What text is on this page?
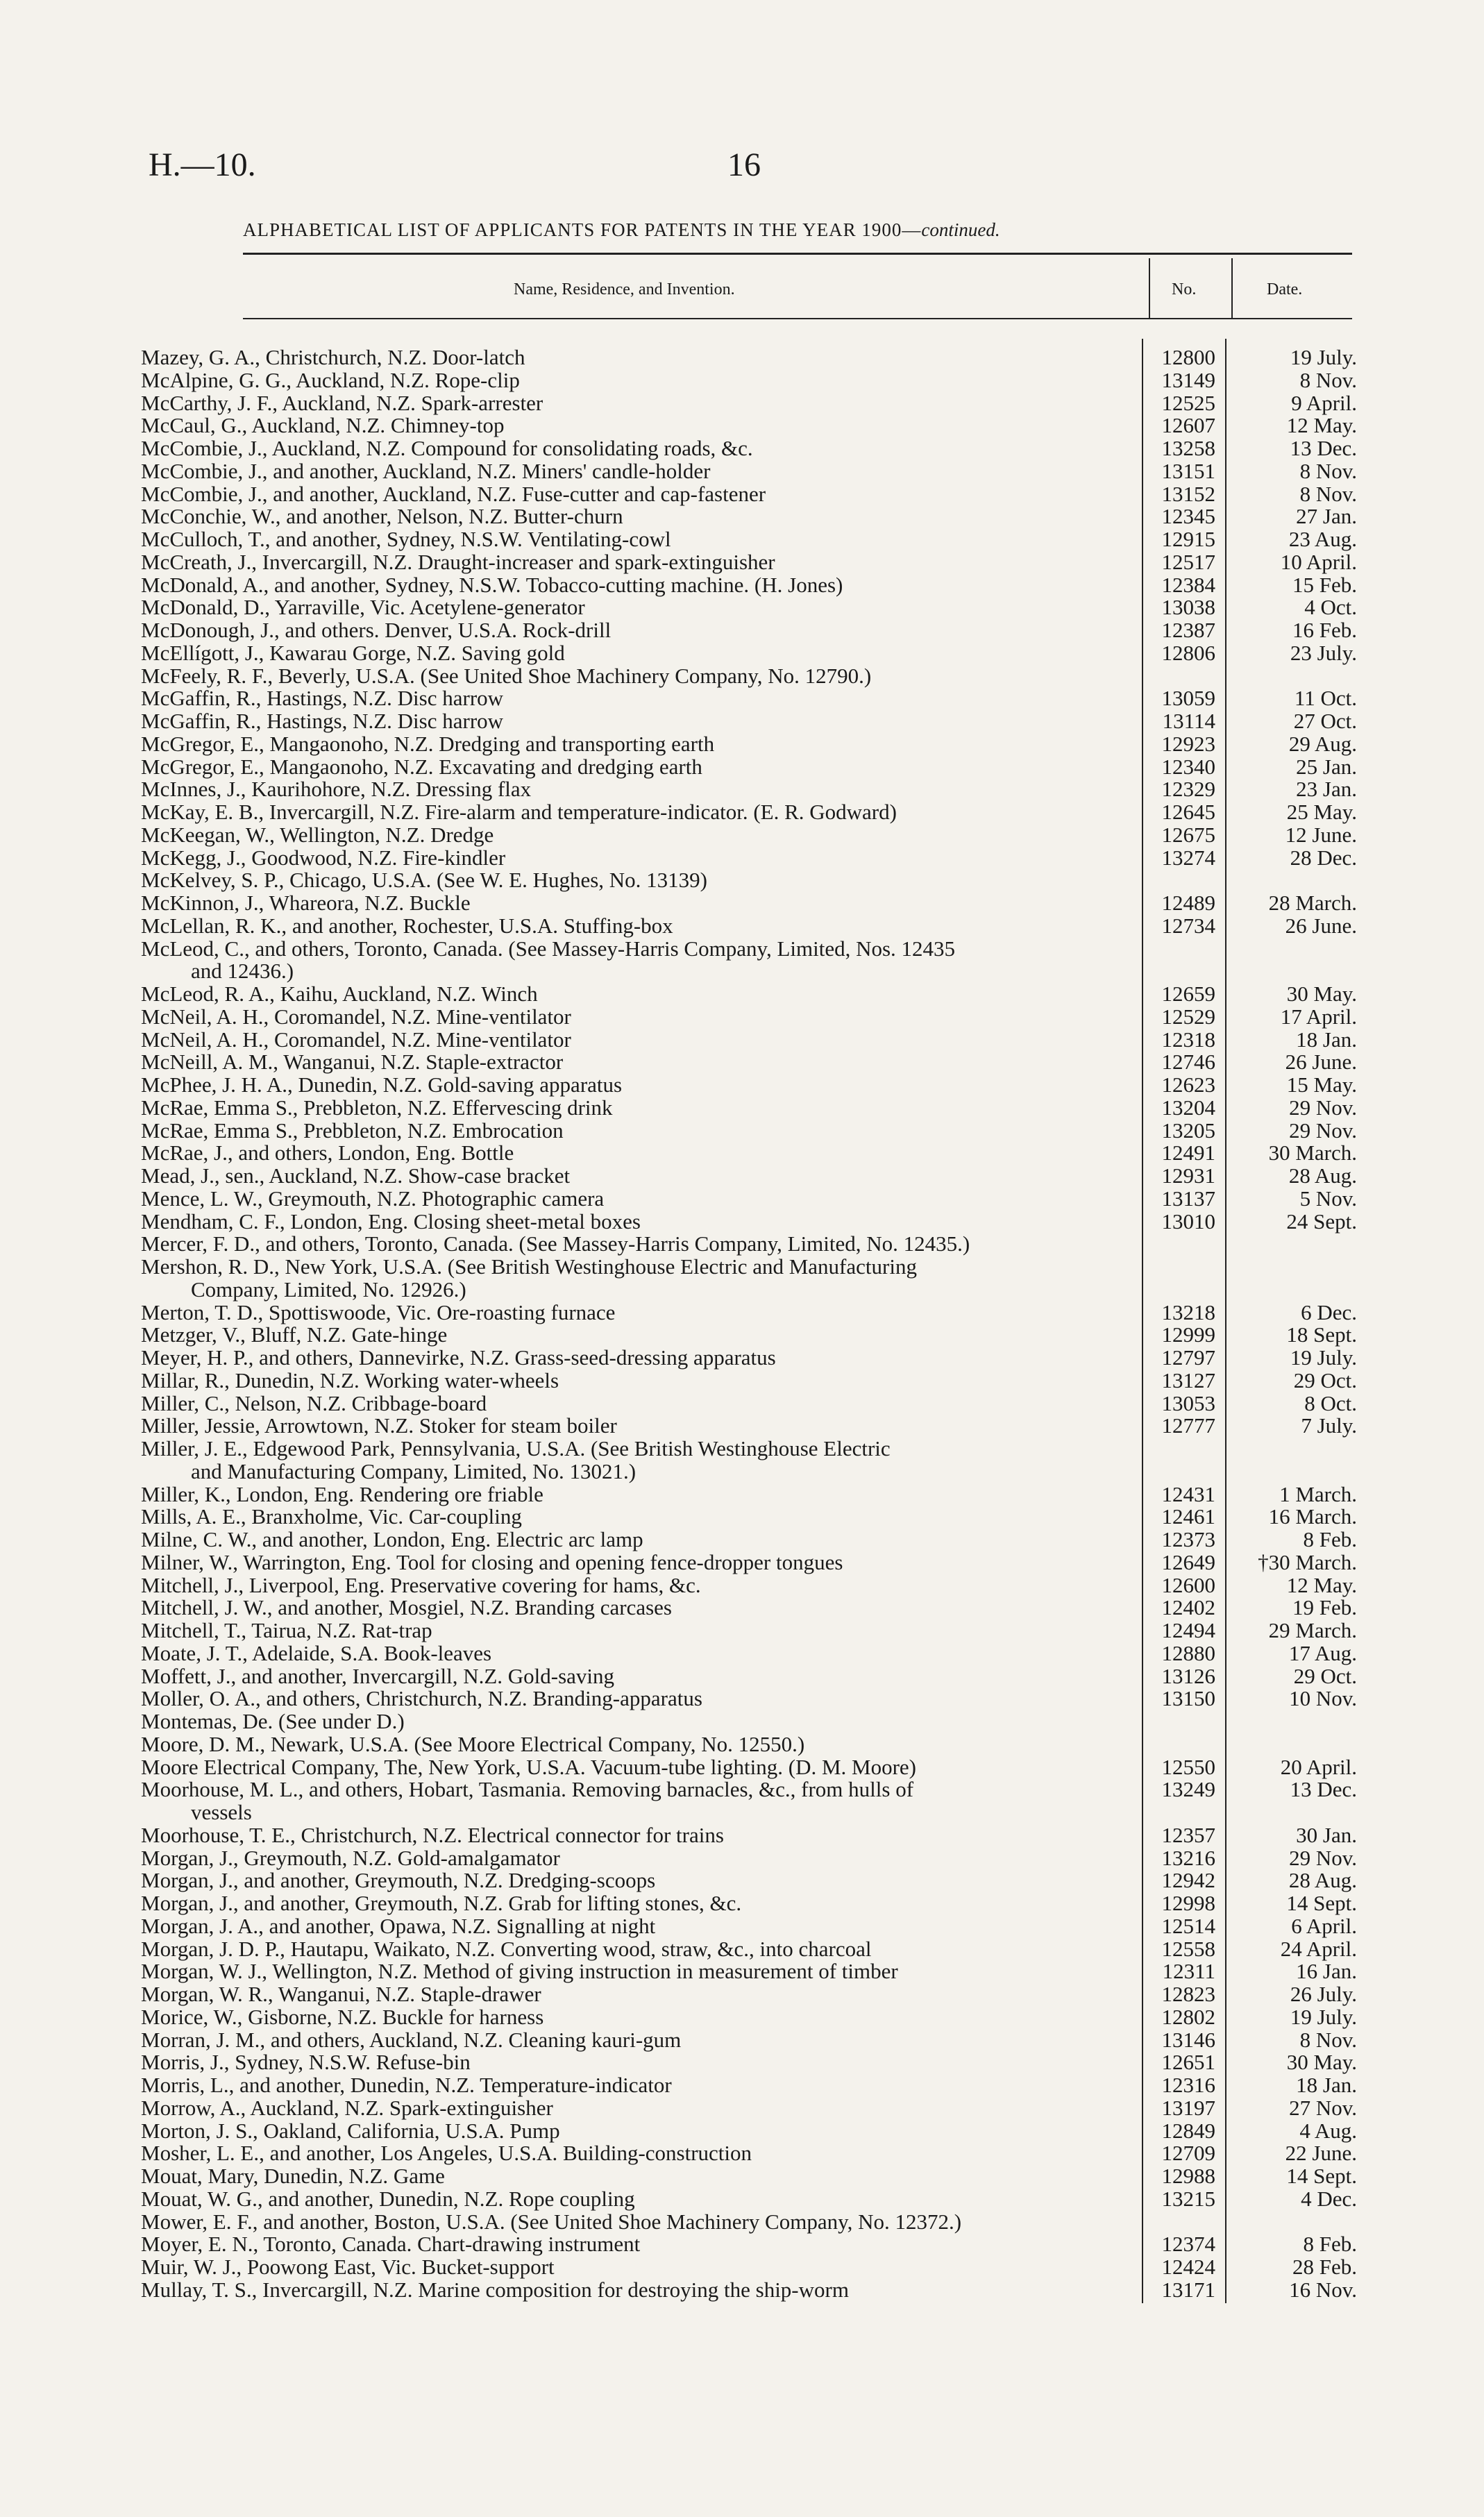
H.—10.	16
ALPHABETICAL LIST OF APPLICANTS FOR PATENTS IN THE YEAR 1900—continued.
Name, Residence, and Invention.	No.	Date.
Mazey, G. A., Christchurch, N.Z. Door-latch	12800	19 July.
McAlpine, G. G., Auckland, N.Z. Rope-clip	13149	8 Nov.
McCarthy, J. F., Auckland, N.Z. Spark-arrester	12525	9 April.
McCaul, G., Auckland, N.Z. Chimney-top	12607	12 May.
McCombie, J., Auckland, N.Z. Compound for consolidating roads, &c.	13258	13 Dec.
McCombie, J., and another, Auckland, N.Z. Miners' candle-holder	13151	8 Nov.
McCombie, J., and another, Auckland, N.Z. Fuse-cutter and cap-fastener	13152	8 Nov.
McConchie, W., and another, Nelson, N.Z. Butter-churn	12345	27 Jan.
McCulloch, T., and another, Sydney, N.S.W. Ventilating-cowl	12915	23 Aug.
McCreath, J., Invercargill, N.Z. Draught-increaser and spark-extinguisher	12517	10 April.
McDonald, A., and another, Sydney, N.S.W. Tobacco-cutting machine. (H. Jones)	12384	15 Feb.
McDonald, D., Yarraville, Vic. Acetylene-generator	13038	4 Oct.
McDonough, J., and others. Denver, U.S.A. Rock-drill	12387	16 Feb.
McEllígott, J., Kawarau Gorge, N.Z. Saving gold	12806	23 July.
McFeely, R. F., Beverly, U.S.A. (See United Shoe Machinery Company, No. 12790.)
McGaffin, R., Hastings, N.Z. Disc harrow	13059	11 Oct.
McGaffin, R., Hastings, N.Z. Disc harrow	13114	27 Oct.
McGregor, E., Mangaonoho, N.Z. Dredging and transporting earth	12923	29 Aug.
McGregor, E., Mangaonoho, N.Z. Excavating and dredging earth	12340	25 Jan.
McInnes, J., Kaurihohore, N.Z. Dressing flax	12329	23 Jan.
McKay, E. B., Invercargill, N.Z. Fire-alarm and temperature-indicator. (E. R. Godward)	12645	25 May.
McKeegan, W., Wellington, N.Z. Dredge	12675	12 June.
McKegg, J., Goodwood, N.Z. Fire-kindler	13274	28 Dec.
McKelvey, S. P., Chicago, U.S.A. (See W. E. Hughes, No. 13139)
McKinnon, J., Whareora, N.Z. Buckle	12489	28 March.
McLellan, R. K., and another, Rochester, U.S.A. Stuffing-box	12734	26 June.
McLeod, C., and others, Toronto, Canada. (See Massey-Harris Company, Limited, Nos. 12435
and 12436.)
McLeod, R. A., Kaihu, Auckland, N.Z. Winch	12659	30 May.
McNeil, A. H., Coromandel, N.Z. Mine-ventilator	12529	17 April.
McNeil, A. H., Coromandel, N.Z. Mine-ventilator	12318	18 Jan.
McNeill, A. M., Wanganui, N.Z. Staple-extractor	12746	26 June.
McPhee, J. H. A., Dunedin, N.Z. Gold-saving apparatus	12623	15 May.
McRae, Emma S., Prebbleton, N.Z. Effervescing drink	13204	29 Nov.
McRae, Emma S., Prebbleton, N.Z. Embrocation	13205	29 Nov.
McRae, J., and others, London, Eng. Bottle	12491	30 March.
Mead, J., sen., Auckland, N.Z. Show-case bracket	12931	28 Aug.
Mence, L. W., Greymouth, N.Z. Photographic camera	13137	5 Nov.
Mendham, C. F., London, Eng. Closing sheet-metal boxes	13010	24 Sept.
Mercer, F. D., and others, Toronto, Canada. (See Massey-Harris Company, Limited, No. 12435.)
Mershon, R. D., New York, U.S.A. (See British Westinghouse Electric and Manufacturing
Company, Limited, No. 12926.)
Merton, T. D., Spottiswoode, Vic. Ore-roasting furnace	13218	6 Dec.
Metzger, V., Bluff, N.Z. Gate-hinge	12999	18 Sept.
Meyer, H. P., and others, Dannevirke, N.Z. Grass-seed-dressing apparatus	12797	19 July.
Millar, R., Dunedin, N.Z. Working water-wheels	13127	29 Oct.
Miller, C., Nelson, N.Z. Cribbage-board	13053	8 Oct.
Miller, Jessie, Arrowtown, N.Z. Stoker for steam boiler	12777	7 July.
Miller, J. E., Edgewood Park, Pennsylvania, U.S.A. (See British Westinghouse Electric
and Manufacturing Company, Limited, No. 13021.)
Miller, K., London, Eng. Rendering ore friable	12431	1 March.
Mills, A. E., Branxholme, Vic. Car-coupling	12461	16 March.
Milne, C. W., and another, London, Eng. Electric arc lamp	12373	8 Feb.
Milner, W., Warrington, Eng. Tool for closing and opening fence-dropper tongues	12649	†30 March.
Mitchell, J., Liverpool, Eng. Preservative covering for hams, &c.	12600	12 May.
Mitchell, J. W., and another, Mosgiel, N.Z. Branding carcases	12402	19 Feb.
Mitchell, T., Tairua, N.Z. Rat-trap	12494	29 March.
Moate, J. T., Adelaide, S.A. Book-leaves	12880	17 Aug.
Moffett, J., and another, Invercargill, N.Z. Gold-saving	13126	29 Oct.
Moller, O. A., and others, Christchurch, N.Z. Branding-apparatus	13150	10 Nov.
Montemas, De. (See under D.)
Moore, D. M., Newark, U.S.A. (See Moore Electrical Company, No. 12550.)
Moore Electrical Company, The, New York, U.S.A. Vacuum-tube lighting. (D. M. Moore)	12550	20 April.
Moorhouse, M. L., and others, Hobart, Tasmania. Removing barnacles, &c., from hulls of	13249	13 Dec.
vessels
Moorhouse, T. E., Christchurch, N.Z. Electrical connector for trains	12357	30 Jan.
Morgan, J., Greymouth, N.Z. Gold-amalgamator	13216	29 Nov.
Morgan, J., and another, Greymouth, N.Z. Dredging-scoops	12942	28 Aug.
Morgan, J., and another, Greymouth, N.Z. Grab for lifting stones, &c.	12998	14 Sept.
Morgan, J. A., and another, Opawa, N.Z. Signalling at night	12514	6 April.
Morgan, J. D. P., Hautapu, Waikato, N.Z. Converting wood, straw, &c., into charcoal	12558	24 April.
Morgan, W. J., Wellington, N.Z. Method of giving instruction in measurement of timber	12311	16 Jan.
Morgan, W. R., Wanganui, N.Z. Staple-drawer	12823	26 July.
Morice, W., Gisborne, N.Z. Buckle for harness	12802	19 July.
Morran, J. M., and others, Auckland, N.Z. Cleaning kauri-gum	13146	8 Nov.
Morris, J., Sydney, N.S.W. Refuse-bin	12651	30 May.
Morris, L., and another, Dunedin, N.Z. Temperature-indicator	12316	18 Jan.
Morrow, A., Auckland, N.Z. Spark-extinguisher	13197	27 Nov.
Morton, J. S., Oakland, California, U.S.A. Pump	12849	4 Aug.
Mosher, L. E., and another, Los Angeles, U.S.A. Building-construction	12709	22 June.
Mouat, Mary, Dunedin, N.Z. Game	12988	14 Sept.
Mouat, W. G., and another, Dunedin, N.Z. Rope coupling	13215	4 Dec.
Mower, E. F., and another, Boston, U.S.A. (See United Shoe Machinery Company, No. 12372.)
Moyer, E. N., Toronto, Canada. Chart-drawing instrument	12374	8 Feb.
Muir, W. J., Poowong East, Vic. Bucket-support	12424	28 Feb.
Mullay, T. S., Invercargill, N.Z. Marine composition for destroying the ship-worm	13171	16 Nov.
